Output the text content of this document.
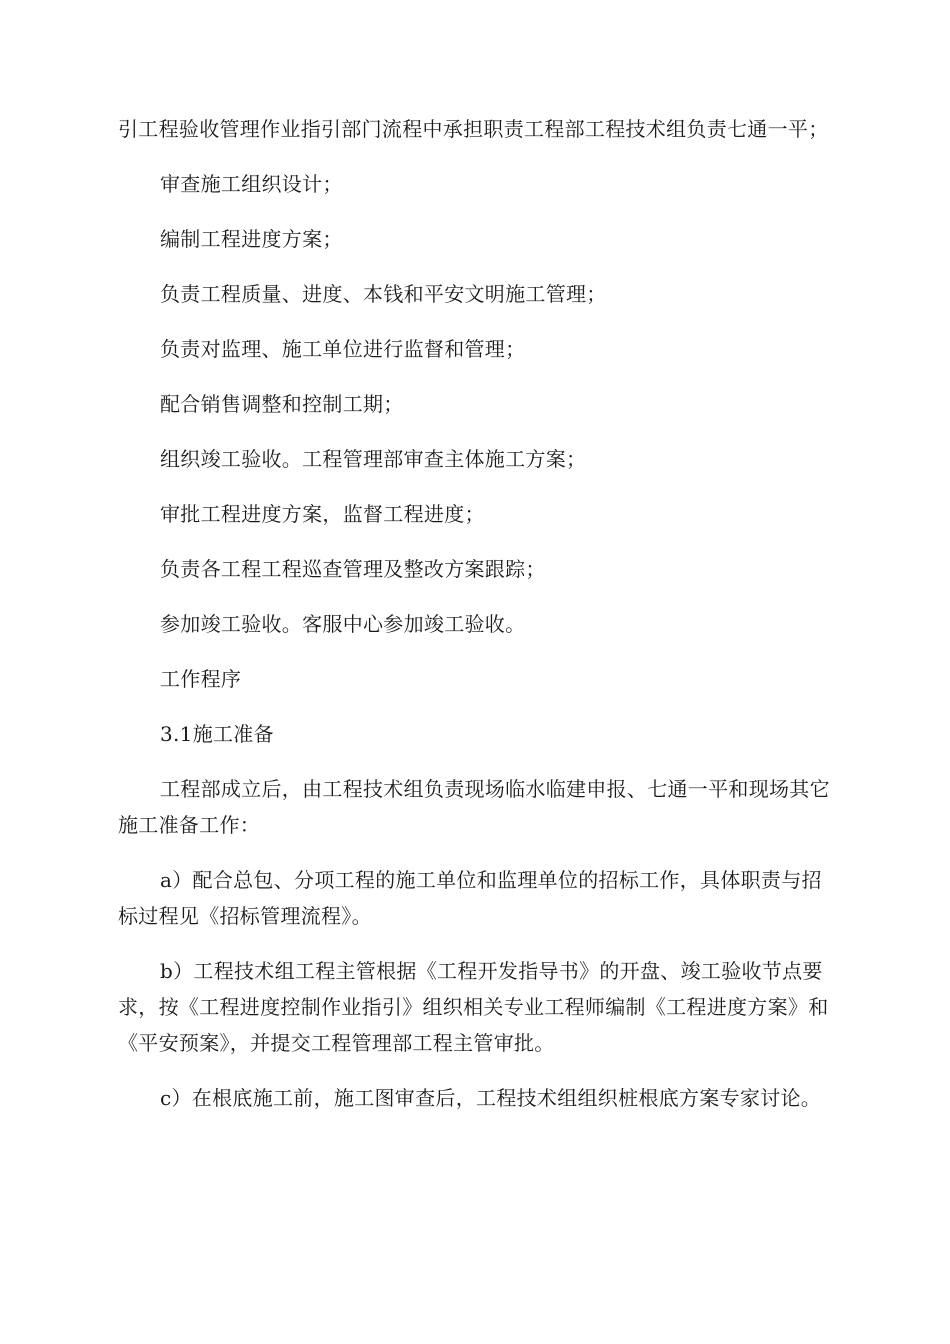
引工程验收管理作业指引部门流程中承担职责工程部工程技术组负责七通一平；

审查施工组织设计；

编制工程进度方案；

负责工程质量、进度、本钱和平安文明施工管理；

负责对监理、施工单位进行监督和管理；

配合销售调整和控制工期；

组织竣工验收。工程管理部审查主体施工方案；

审批工程进度方案，监督工程进度；

负责各工程工程巡查管理及整改方案跟踪；

参加竣工验收。客服中心参加竣工验收。

工作程序

3.1施工准备

工程部成立后，由工程技术组负责现场临水临建申报、七通一平和现场其它施工准备工作：

a）配合总包、分项工程的施工单位和监理单位的招标工作，具体职责与招标过程见《招标管理流程》。

b）工程技术组工程主管根据《工程开发指导书》的开盘、竣工验收节点要求，按《工程进度控制作业指引》组织相关专业工程师编制《工程进度方案》和《平安预案》，并提交工程管理部工程主管审批。

c）在根底施工前，施工图审查后，工程技术组组织桩根底方案专家讨论。
